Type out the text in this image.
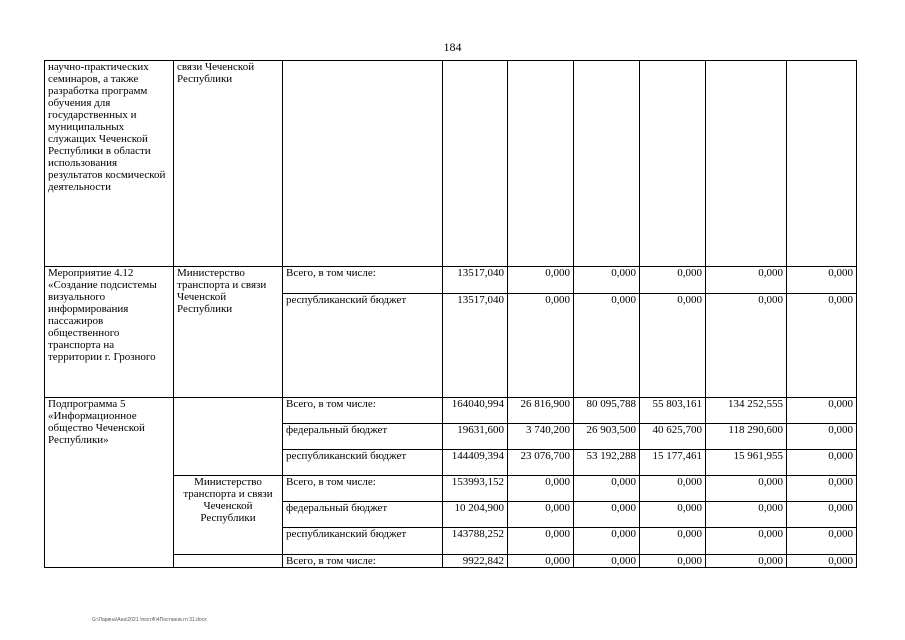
184
научно-практических семинаров, а также разработка программ обучения для государственных и муниципальных служащих Чеченской Республики в области использования результатов космической деятельности	связи Чеченской Республики							
Мероприятие 4.12 «Создание подсистемы визуального информирования пассажиров общественного транспорта на территории г. Грозного	Министерство транспорта и связи Чеченской Республики	Всего, в том числе:	13517,040	0,000	0,000	0,000	0,000	0,000
		республиканский бюджет	13517,040	0,000	0,000	0,000	0,000	0,000
Подпрограмма 5 «Информационное общество Чеченской Республики»		Всего, в том числе:	164040,994	26 816,900	80 095,788	55 803,161	134 252,555	0,000
		федеральный бюджет	19631,600	3 740,200	26 903,500	40 625,700	118 290,600	0,000
		республиканский бюджет	144409,394	23 076,700	53 192,288	15 177,461	15 961,955	0,000
	Министерство транспорта и связи Чеченской Республики	Всего, в том числе:	153993,152	0,000	0,000	0,000	0,000	0,000
		федеральный бюджет	10 204,900	0,000	0,000	0,000	0,000	0,000
		республиканский бюджет	143788,252	0,000	0,000	0,000	0,000	0,000
		Всего, в том числе:	9922,842	0,000	0,000	0,000	0,000	0,000
G:\Ларина\Ана\2021 \постФ\4Постанов.гл 31.docx
